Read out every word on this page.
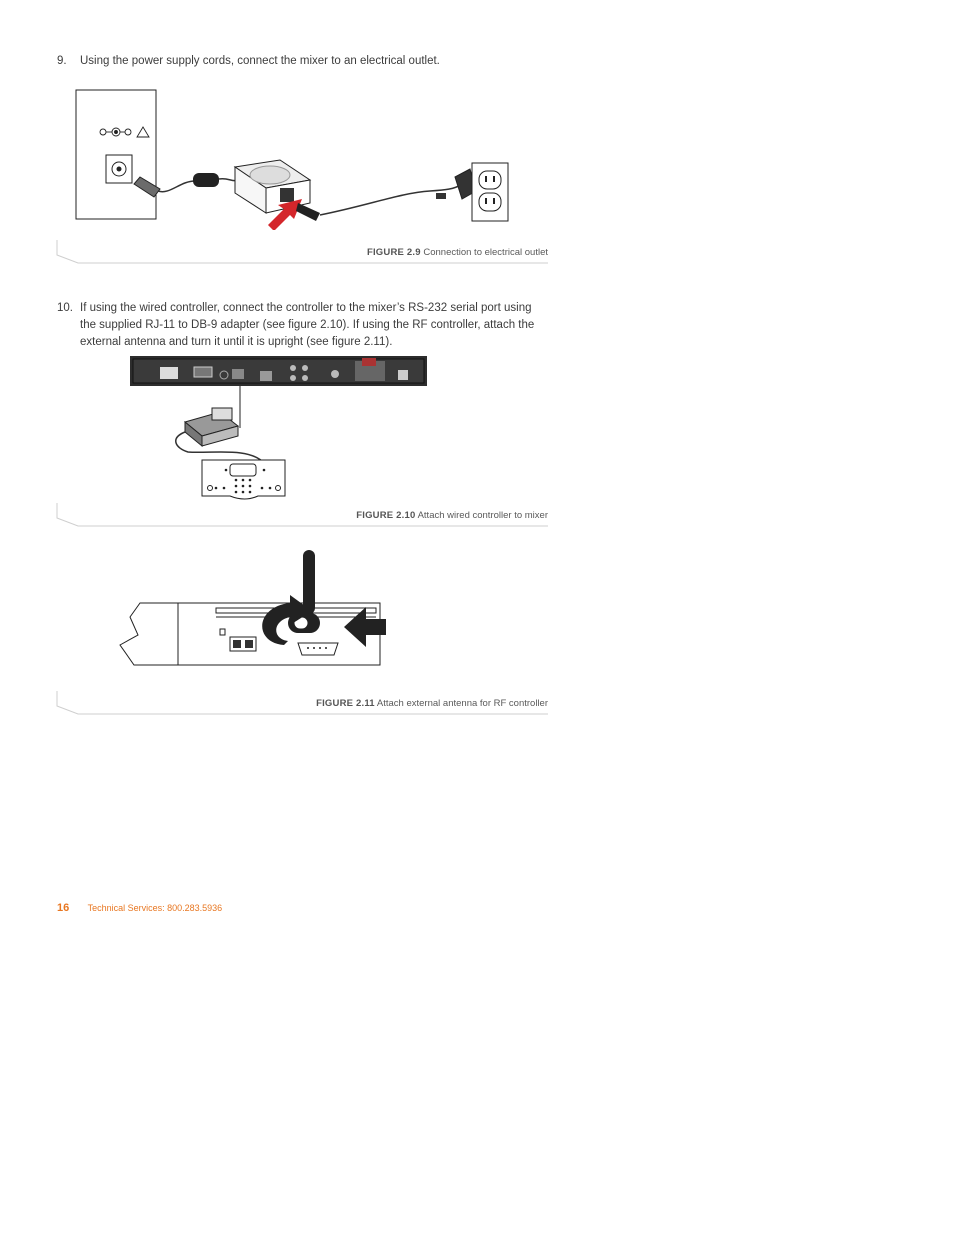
9.	Using the power supply cords, connect the mixer to an electrical outlet.
FIGURE 2.9 Connection to electrical outlet
10. If using the wired controller, connect the controller to the mixer’s RS-232 serial port using the supplied RJ-11 to DB-9 adapter (see figure 2.10). If using the RF controller, attach the external antenna and turn it until it is upright (see figure 2.11).
FIGURE 2.10 Attach wired controller to mixer
FIGURE 2.11 Attach external antenna for RF controller
16 Technical Services: 800.283.5936
